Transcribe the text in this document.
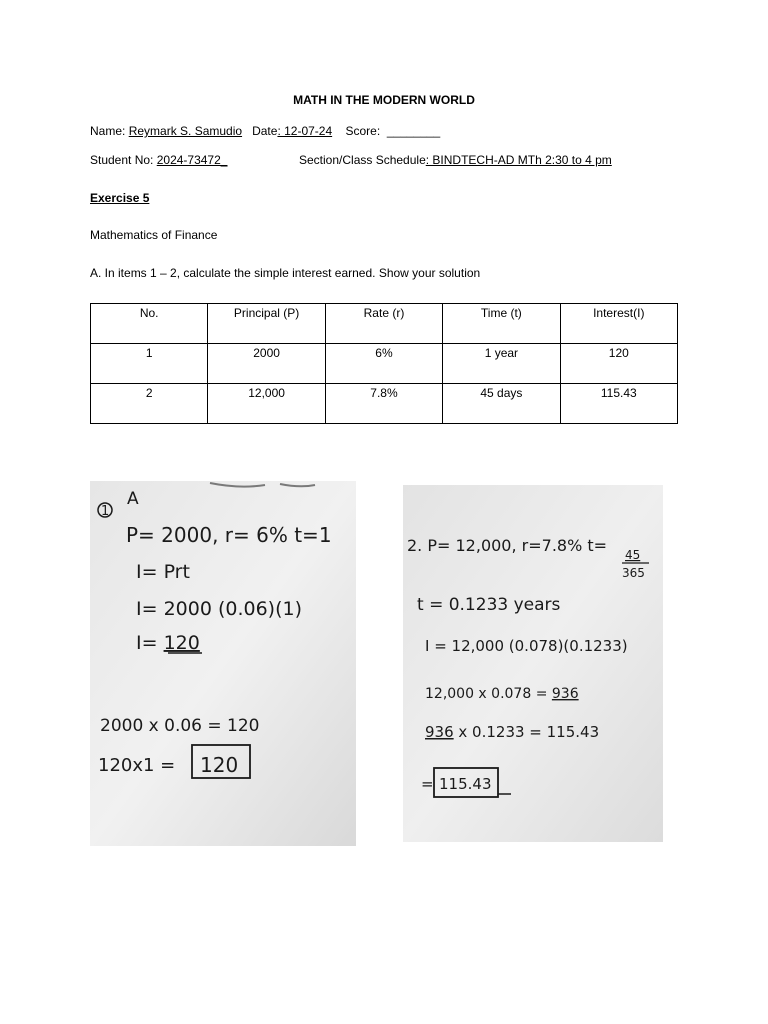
MATH IN THE MODERN WORLD
Name: Reymark S. Samudio Date: 12-07-24 Score: ________
Student No: 2024-73472_	Section/Class Schedule: BINDTECH-AD MTh 2:30 to 4 pm
Exercise 5
Mathematics of Finance
A. In items 1 – 2, calculate the simple interest earned. Show your solution
No.	Principal (P)	Rate (r)	Time (t)	Interest(I)
1	2000	6%	1 year	120
2	12,000	7.8%	45 days	115.43
1
A
P= 2000, r= 6% t=1
I= Prt
I= 2000 (0.06)(1)
I= 120
2000 x 0.06 = 120
120x1 = 120
2. P= 12,000, r=7.8% t= 45
365
t = 0.1233 years
I = 12,000 (0.078)(0.1233)
12,000 x 0.078 = 936
936 x 0.1233 = 115.43
= 115.43
